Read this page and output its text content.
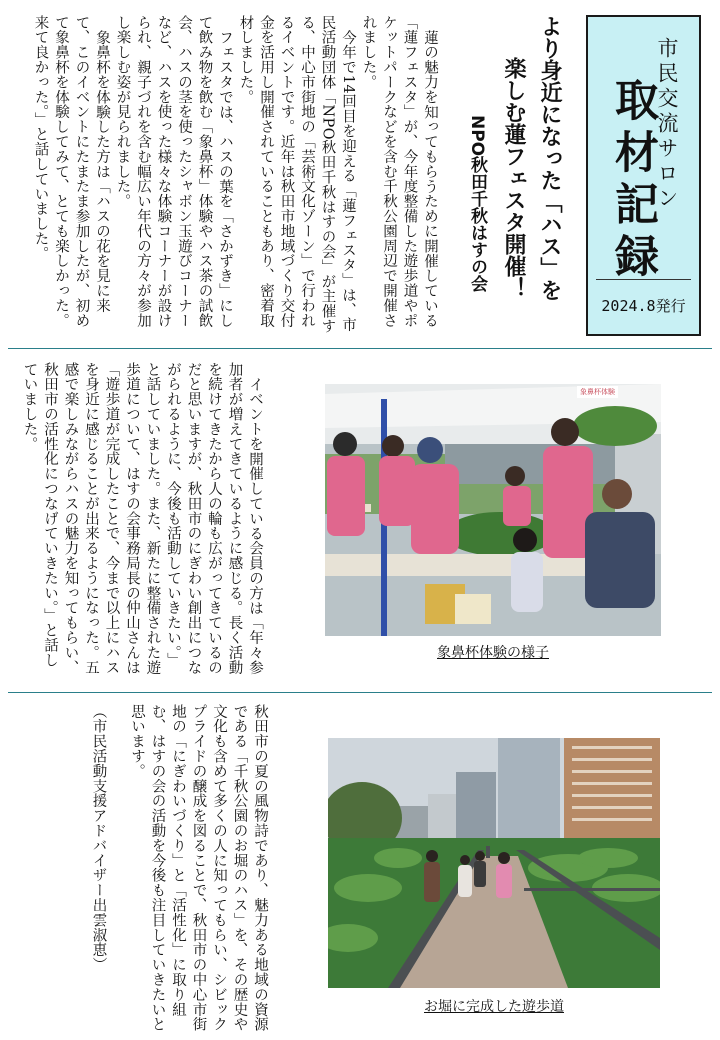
市民交流サロン
取材記録
2024.8発行
より身近になった「ハス」を
楽しむ蓮フェスタ開催！
NPO秋田千秋はすの会

蓮の魅力を知ってもらうために開催している「蓮フェスタ」が、今年度整備した遊歩道やポケットパークなどを含む千秋公園周辺で開催されました。

今年で14回目を迎える「蓮フェスタ」は、市民活動団体「NPO秋田千秋はすの会」が主催する、中心市街地の「芸術文化ゾーン」で行われるイベントです。近年は秋田市地域づくり交付金を活用し開催されていることもあり、密着取材しました。

フェスタでは、ハスの葉を「さかずき」にして飲み物を飲む「象鼻杯」体験やハス茶の試飲会、ハスの茎を使ったシャボン玉遊びコーナーなど、ハスを使った様々な体験コーナーが設けられ、親子づれを含む幅広い年代の方々が参加し楽しむ姿が見られました。

象鼻杯を体験した方は「ハスの花を見に来て、このイベントにたまたま参加したが、初めて象鼻杯を体験してみて、とても楽しかった。来て良かった。」と話していました。

イベントを開催している会員の方は「年々参加者が増えてきているように感じる。長く活動を続けてきたから人の輪も広がってきているのだと思いますが、秋田市のにぎわい創出につながられるように、今後も活動していきたい。」と話していました。また、新たに整備された遊歩道について、はすの会事務局長の仲山さんは「遊歩道が完成したことで、今まで以上にハスを身近に感じることが出来るようになった。五感で楽しみながらハスの魅力を知ってもらい、秋田市の活性化につなげていきたい。」と話していました。	象鼻杯体験
象鼻杯体験の様子

秋田市の夏の風物詩であり、魅力ある地域の資源である「千秋公園のお堀のハス」を、その歴史や文化も含めて多くの人に知ってもらい、シビックプライドの醸成を図ることで、秋田市の中心市街地の「にぎわいづくり」と「活性化」に取り組む、はすの会の活動を今後も注目していきたいと思います。

（市民活動支援アドバイザー出雲淑恵）

お堀に完成した遊歩道
